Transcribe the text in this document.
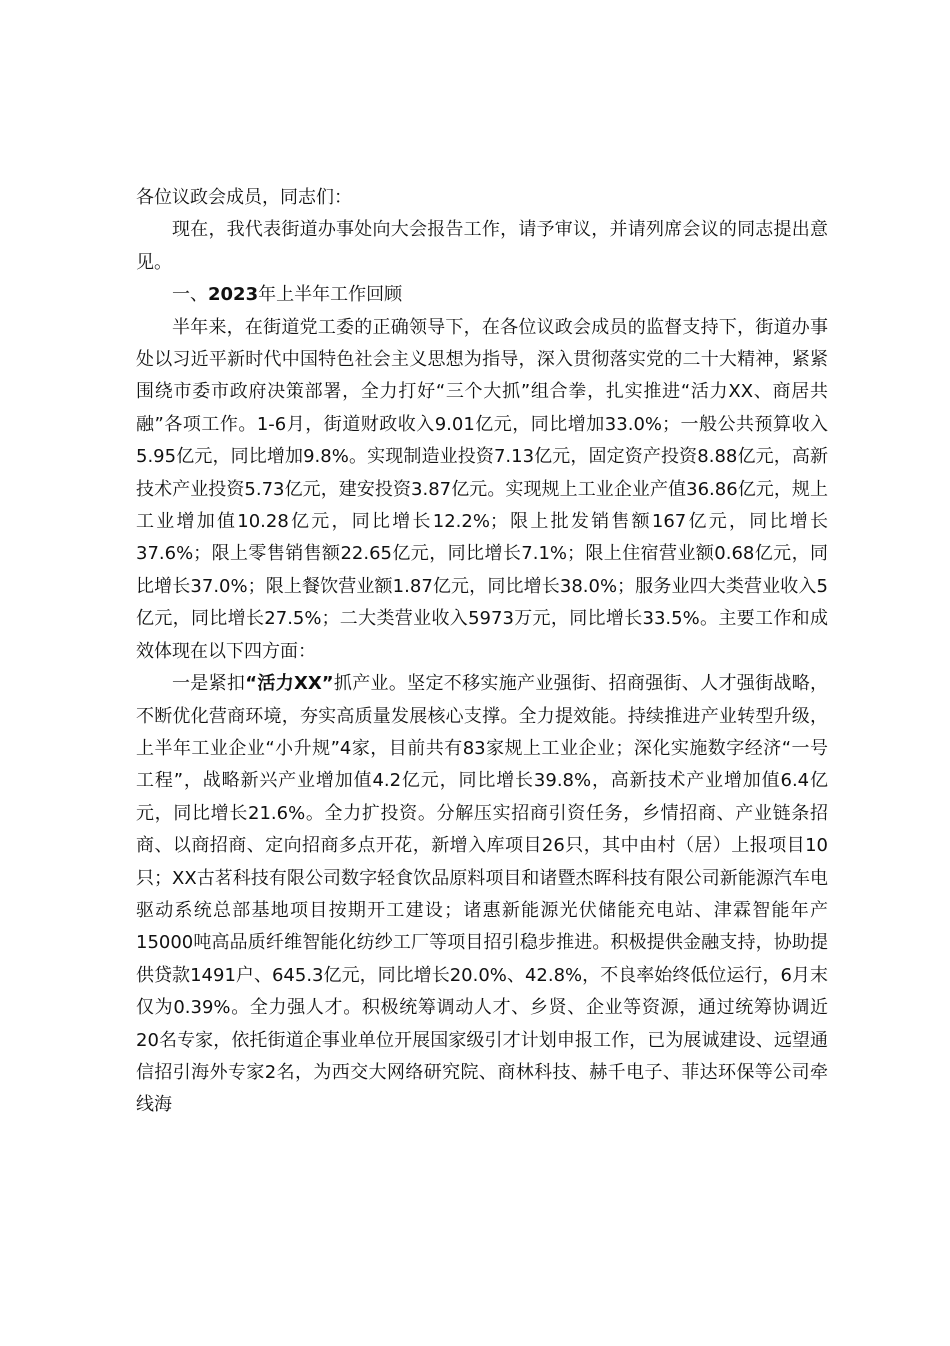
各位议政会成员，同志们：

现在，我代表街道办事处向大会报告工作，请予审议，并请列席会议的同志提出意见。

一、2023年上半年工作回顾

半年来，在街道党工委的正确领导下，在各位议政会成员的监督支持下，街道办事处以习近平新时代中国特色社会主义思想为指导，深入贯彻落实党的二十大精神，紧紧围绕市委市政府决策部署，全力打好“三个大抓”组合拳，扎实推进“活力XX、商居共融”各项工作。1-6月，街道财政收入9.01亿元，同比增加33.0%；一般公共预算收入5.95亿元，同比增加9.8%。实现制造业投资7.13亿元，固定资产投资8.88亿元，高新技术产业投资5.73亿元，建安投资3.87亿元。实现规上工业企业产值36.86亿元，规上工业增加值10.28亿元，同比增长12.2%；限上批发销售额167亿元，同比增长37.6%；限上零售销售额22.65亿元，同比增长7.1%；限上住宿营业额0.68亿元，同比增长37.0%；限上餐饮营业额1.87亿元，同比增长38.0%；服务业四大类营业收入5亿元，同比增长27.5%；二大类营业收入5973万元，同比增长33.5%。主要工作和成效体现在以下四方面：

一是紧扣“活力XX”抓产业。坚定不移实施产业强街、招商强街、人才强街战略，不断优化营商环境，夯实高质量发展核心支撑。全力提效能。持续推进产业转型升级，上半年工业企业“小升规”4家，目前共有83家规上工业企业；深化实施数字经济“一号工程”，战略新兴产业增加值4.2亿元，同比增长39.8%，高新技术产业增加值6.4亿元，同比增长21.6%。全力扩投资。分解压实招商引资任务，乡情招商、产业链条招商、以商招商、定向招商多点开花，新增入库项目26只，其中由村（居）上报项目10只；XX古茗科技有限公司数字轻食饮品原料项目和诸暨杰晖科技有限公司新能源汽车电驱动系统总部基地项目按期开工建设；诸惠新能源光伏储能充电站、津霖智能年产15000吨高品质纤维智能化纺纱工厂等项目招引稳步推进。积极提供金融支持，协助提供贷款1491户、645.3亿元，同比增长20.0%、42.8%，不良率始终低位运行，6月末仅为0.39%。全力强人才。积极统筹调动人才、乡贤、企业等资源，通过统筹协调近20名专家，依托街道企事业单位开展国家级引才计划申报工作，已为展诚建设、远望通信招引海外专家2名，为西交大网络研究院、商林科技、赫千电子、菲达环保等公司牵线海
